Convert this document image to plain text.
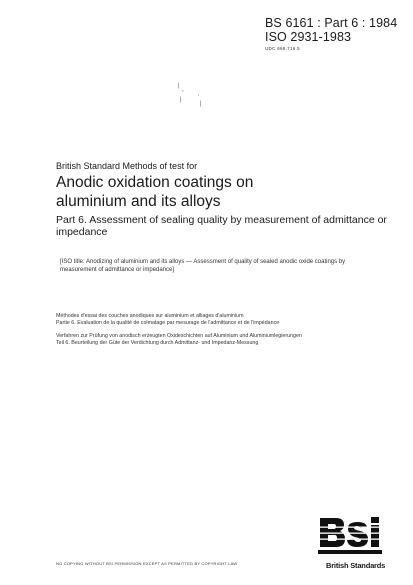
BS 6161 : Part 6 : 1984
ISO 2931-1983
UDC 669.716.5
| ¸
|	'
|
British Standard Methods of test for
Anodic oxidation coatings on
aluminium and its alloys
Part 6. Assessment of sealing quality by measurement of admittance or impedance
[ISO title: Anodizing of aluminium and its alloys — Assessment of quality of sealed anodic oxide coatings by measurement of admittance or impedance]

Méthodes d'essai des couches anodiques sur aluminium et alliages d'aluminium
Partie 6. Evaluation de la qualité de colmatage par mesurage de l'admittance et de l'impédance

Verfahren zur Prüfung von anodisch erzeugten Oxideschichten auf Aluminium und Aluminiumlegierungen
Teil 6. Beurteilung der Güte der Verdichtung durch Admittanz- und Impedanz-Messung

NO COPYING WITHOUT BSI PERMISSION EXCEPT AS PERMITTED BY COPYRIGHT LAW	British Standards
